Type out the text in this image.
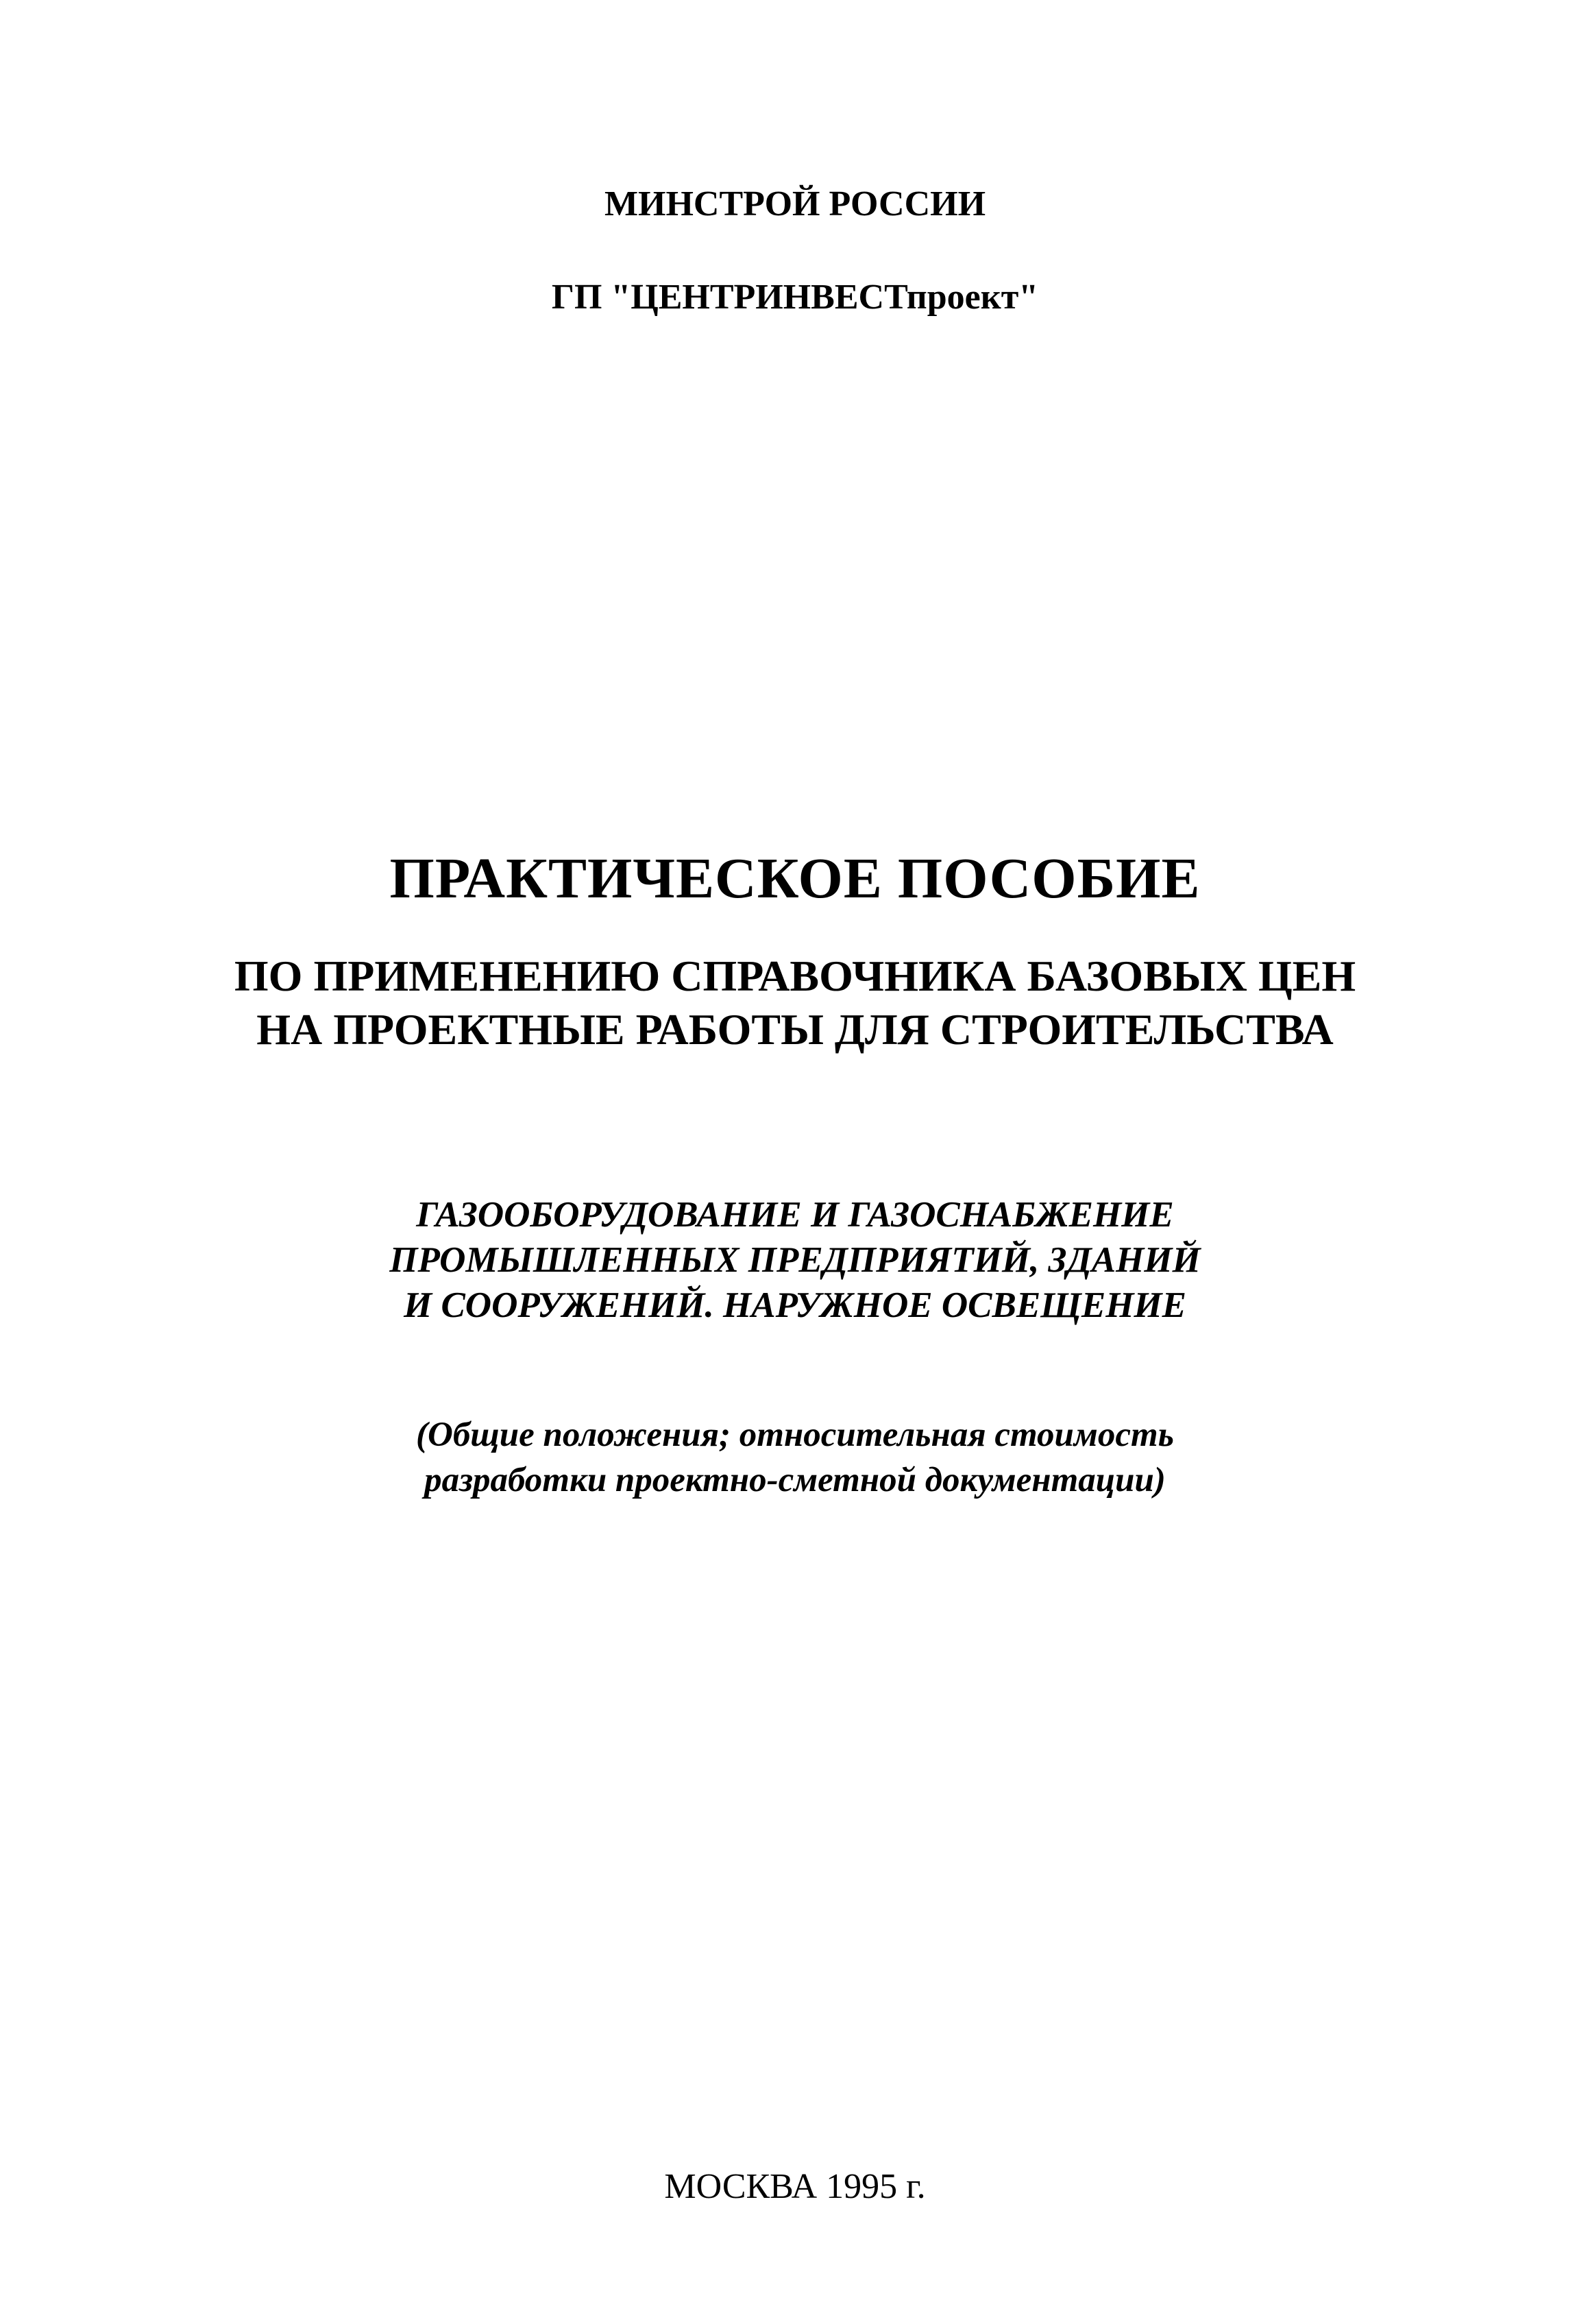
МИНСТРОЙ РОССИИ
ГП "ЦЕНТРИНВЕСТпроект"
ПРАКТИЧЕСКОЕ ПОСОБИЕ
ПО ПРИМЕНЕНИЮ СПРАВОЧНИКА БАЗОВЫХ ЦЕН
НА ПРОЕКТНЫЕ РАБОТЫ ДЛЯ СТРОИТЕЛЬСТВА
ГАЗООБОРУДОВАНИЕ И ГАЗОСНАБЖЕНИЕ
ПРОМЫШЛЕННЫХ ПРЕДПРИЯТИЙ, ЗДАНИЙ
И СООРУЖЕНИЙ. НАРУЖНОЕ ОСВЕЩЕНИЕ
(Общие положения; относительная стоимость
разработки проектно-сметной документации)
МОСКВА 1995 г.
